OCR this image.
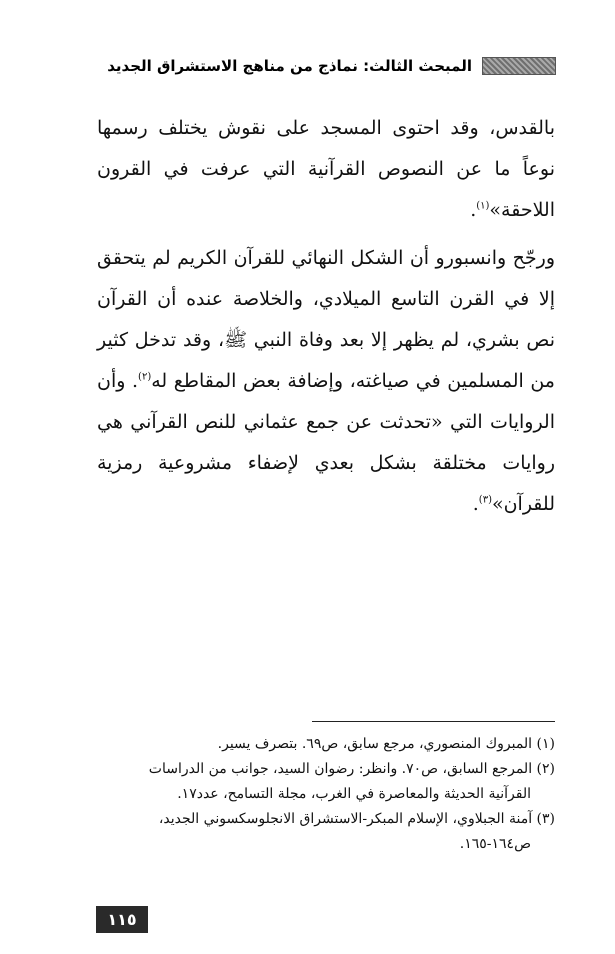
المبحث الثالث: نماذج من مناهج الاستشراق الجديد

بالقدس، وقد احتوى المسجد على نقوش يختلف رسمها نوعاً ما عن النصوص القرآنية التي عرفت في القرون اللاحقة»$^{(١)}$.

ورجّح وانسبورو أن الشكل النهائي للقرآن الكريم لم يتحقق إلا في القرن التاسع الميلادي، والخلاصة عنده أن القرآن نص بشري، لم يظهر إلا بعد وفاة النبي ﷺ، وقد تدخل كثير من المسلمين في صياغته، وإضافة بعض المقاطع له$^{(٢)}$. وأن الروايات التي «تحدثت عن جمع عثماني للنص القرآني هي روايات مختلقة بشكل بعدي لإضفاء مشروعية رمزية للقرآن»$^{(٣)}$.

(١) المبروك المنصوري، مرجع سابق، ص٦٩. بتصرف يسير.

(٢) المرجع السابق، ص٧٠. وانظر: رضوان السيد، جوانب من الدراسات

القرآنية الحديثة والمعاصرة في الغرب، مجلة التسامح، عدد١٧.

(٣) آمنة الجبلاوي، الإسلام المبكر-الاستشراق الانجلوسكسوني الجديد،

ص١٦٤-١٦٥.

١١٥
